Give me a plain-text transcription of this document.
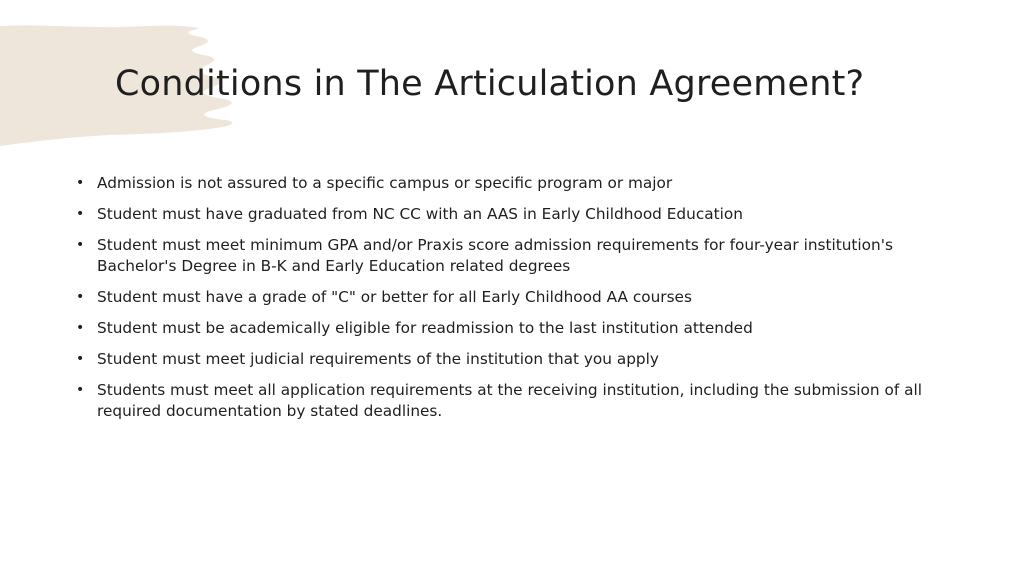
Conditions in The Articulation Agreement?
• Admission is not assured to a specific campus or specific program or major
• Student must have graduated from NC CC with an AAS in Early Childhood Education
• Student must meet minimum GPA and/or Praxis score admission requirements for four-year institution's Bachelor's Degree in B-K and Early Education related degrees
• Student must have a grade of "C" or better for all Early Childhood AA courses
• Student must be academically eligible for readmission to the last institution attended
• Student must meet judicial requirements of the institution that you apply
• Students must meet all application requirements at the receiving institution, including the submission of all required documentation by stated deadlines.
